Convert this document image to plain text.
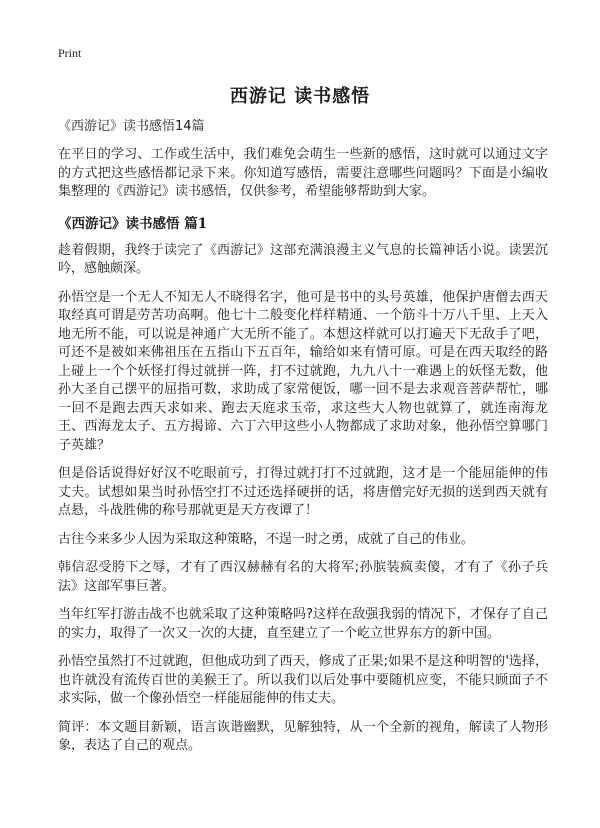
Print
西游记 读书感悟

《西游记》读书感悟14篇

在平日的学习、工作或生活中，我们难免会萌生一些新的感悟，这时就可以通过文字的方式把这些感悟都记录下来。你知道写感悟，需要注意哪些问题吗？下面是小编收集整理的《西游记》读书感悟，仅供参考，希望能够帮助到大家。

《西游记》读书感悟 篇1

趁着假期，我终于读完了《西游记》这部充满浪漫主义气息的长篇神话小说。读罢沉吟，感触颇深。

孙悟空是一个无人不知无人不晓得名字，他可是书中的头号英雄，他保护唐僧去西天取经真可谓是劳苦功高啊。他七十二般变化样样精通、一个筋斗十万八千里、上天入地无所不能，可以说是神通广大无所不能了。本想这样就可以打遍天下无敌手了吧，可还不是被如来佛祖压在五指山下五百年，输给如来有情可原。可是在西天取经的路上碰上一个个妖怪打得过就拼一阵，打不过就跑，九九八十一难遇上的妖怪无数，他孙大圣自己摆平的屈指可数，求助成了家常便饭，哪一回不是去求观音菩萨帮忙，哪一回不是跑去西天求如来、跑去天庭求玉帝，求这些大人物也就算了，就连南海龙王、西海龙太子、五方揭谛、六丁六甲这些小人物都成了求助对象，他孙悟空算哪门子英雄？

但是俗话说得好好汉不吃眼前亏，打得过就打打不过就跑，这才是一个能屈能伸的伟丈夫。试想如果当时孙悟空打不过还选择硬拼的话，将唐僧完好无损的送到西天就有点悬，斗战胜佛的称号那就更是天方夜谭了！

古往今来多少人因为采取这种策略，不逞一时之勇，成就了自己的伟业。

韩信忍受胯下之辱，才有了西汉赫赫有名的大将军;孙膑装疯卖傻，才有了《孙子兵法》这部军事巨著。

当年红军打游击战不也就采取了这种策略吗?这样在敌强我弱的情况下，才保存了自己的实力，取得了一次又一次的大捷，直至建立了一个屹立世界东方的新中国。

孙悟空虽然打不过就跑，但他成功到了西天，修成了正果;如果不是这种明智的'选择，也许就没有流传百世的美猴王了。所以我们以后处事中要随机应变，不能只顾面子不求实际，做一个像孙悟空一样能屈能伸的伟丈夫。

简评：本文题目新颖，语言诙谐幽默，见解独特，从一个全新的视角，解读了人物形象，表达了自己的观点。
